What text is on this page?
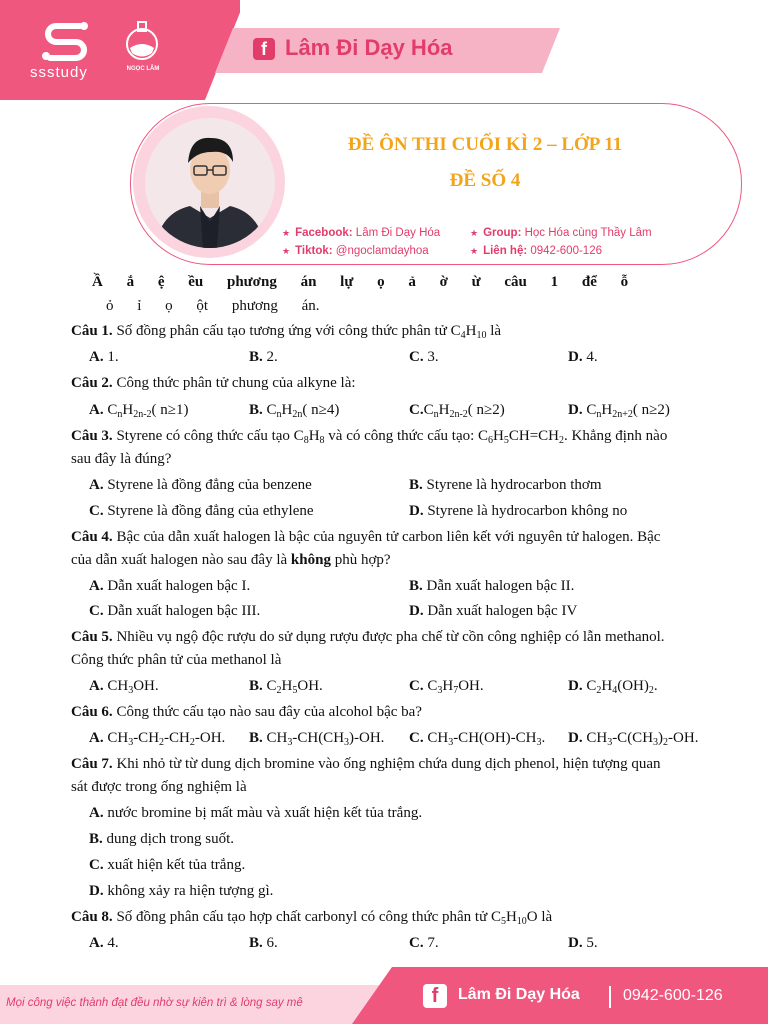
ssstudy	NGỌC LÂM
f Lâm Đi Dạy Hóa
ĐỀ ÔN THI CUỐI KÌ 2 – LỚP 11
ĐỀ SỐ 4
★ Facebook: Lâm Đi Dạy Hóa	★ Group: Học Hóa cùng Thầy Lâm
★ Tiktok: @ngoclamdayhoa	★ Liên hệ: 0942-600-126
Ầ ắ ệ ều phương án lự ọ ả ờ ừ câu 1 để ỗ
ỏ ỉ ọ ột phương án.
Câu 1. Số đồng phân cấu tạo tương ứng với công thức phân tử $C_4H_{10}$ là
A. 1.	B. 2.	C. 3.	D. 4.
Câu 2. Công thức phân tử chung của alkyne là:
A. $C_nH_{2n-2}$( n≥1)	B. $C_nH_{2n}$( n≥4)	$C.C_nH_{2n-2}$( n≥2)	D. $C_nH_{2n+2}$( n≥2)
Câu 3. Styrene có công thức cấu tạo $C_8H_8$ và có công thức cấu tạo: $C_6H_5CH=CH_2$. Khẳng định nào
sau đây là đúng?
A. Styrene là đồng đẳng của benzene	B. Styrene là hydrocarbon thơm
C. Styrene là đồng đẳng của ethylene	D. Styrene là hydrocarbon không no
Câu 4. Bậc của dẫn xuất halogen là bậc của nguyên tử carbon liên kết với nguyên tử halogen. Bậc
của dẫn xuất halogen nào sau đây là không phù hợp?
A. Dẫn xuất halogen bậc I.	B. Dẫn xuất halogen bậc II.
C. Dẫn xuất halogen bậc III.	D. Dẫn xuất halogen bậc IV
Câu 5. Nhiều vụ ngộ độc rượu do sử dụng rượu được pha chế từ cồn công nghiệp có lẫn methanol.
Công thức phân tử của methanol là
A. $CH_3OH$.	B. $C_2H_5OH$.	C. $C_3H_7OH$.	D. $C_2H_4(OH)_2$.
Câu 6. Công thức cấu tạo nào sau đây của alcohol bậc ba?
A. $CH_3-CH_2-CH_2-OH$. B. $CH_3-CH(CH_3)-OH$. C. $CH_3-CH(OH)-CH_3$. D. $CH_3-C(CH_3)_2-OH$.
Câu 7. Khi nhỏ từ từ dung dịch bromine vào ống nghiệm chứa dung dịch phenol, hiện tượng quan
sát được trong ống nghiệm là
A. nước bromine bị mất màu và xuất hiện kết tủa trắng.
B. dung dịch trong suốt.
C. xuất hiện kết tủa trắng.
D. không xảy ra hiện tượng gì.
Câu 8. Số đồng phân cấu tạo hợp chất carbonyl có công thức phân tử $C_5H_{10}O$ là
A. 4.	B. 6.	C. 7.	D. 5.
Mọi công việc thành đạt đều nhờ sự kiên trì & lòng say mê	f	Lâm Đi Dạy Hóa	0942-600-126
